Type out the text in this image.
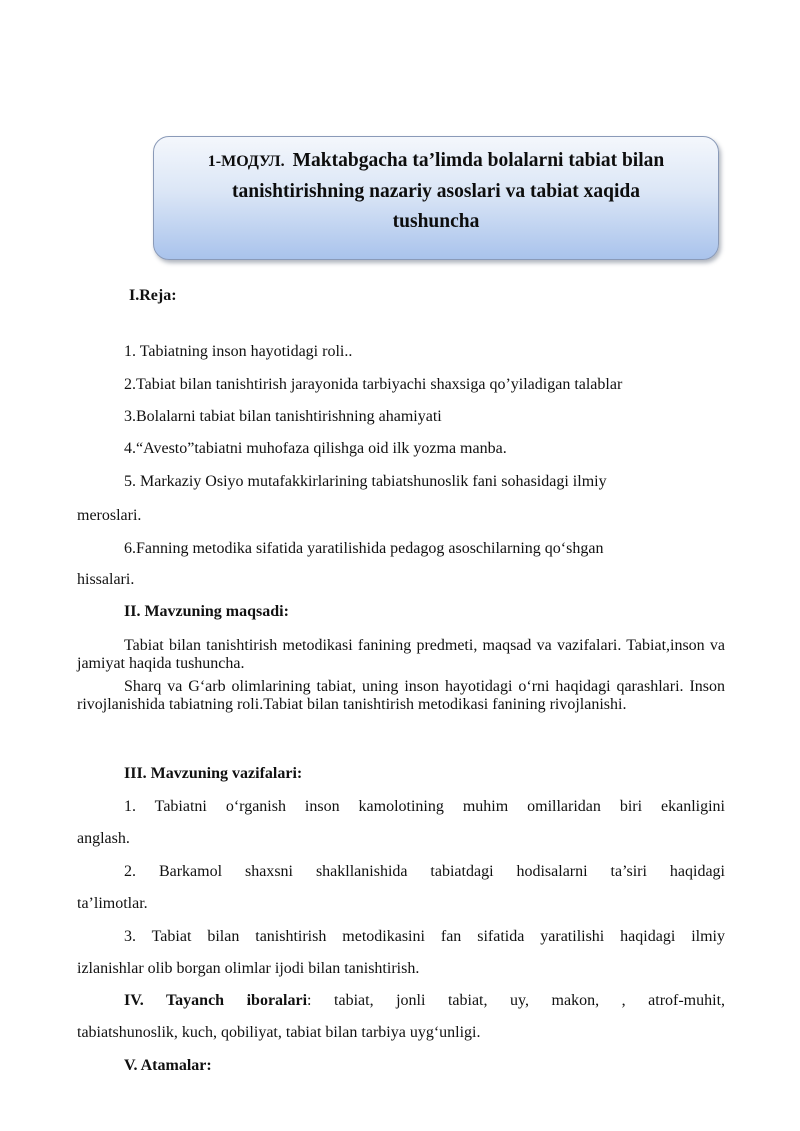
1-МОДУЛ. Maktabgacha ta’limda bolalarni tabiat bilan
tanishtirishning nazariy asoslari va tabiat xaqida
tushuncha
I.Reja:
1. Tabiatning inson hayotidagi roli..
2.Tabiat bilan tanishtirish jarayonida tarbiyachi shaxsiga qo’yiladigan talablar
3.Bolalarni tabiat bilan tanishtirishning ahamiyati
4.“Avesto”tabiatni muhofaza qilishga oid ilk yozma manba.
5. Markaziy Osiyo mutafakkirlarining tabiatshunoslik fani sohasidagi ilmiy
meroslari.
6.Fanning metodika sifatida yaratilishida pedagog asoschilarning qo‘shgan
hissalari.
II. Mavzuning maqsadi:
Tabiat bilan tanishtirish metodikasi fanining predmeti, maqsad va vazifalari. Tabiat,inson va jamiyat haqida tushuncha.
Sharq va G‘arb olimlarining tabiat, uning inson hayotidagi o‘rni haqidagi qarashlari. Inson rivojlanishida tabiatning roli.Tabiat bilan tanishtirish metodikasi fanining rivojlanishi.
III. Mavzuning vazifalari:
1. Tabiatni o‘rganish inson kamolotining muhim omillaridan biri ekanligini
anglash.
2. Barkamol shaxsni shakllanishida tabiatdagi hodisalarni ta’siri haqidagi
ta’limotlar.
3. Tabiat bilan tanishtirish metodikasini fan sifatida yaratilishi haqidagi ilmiy
izlanishlar olib borgan olimlar ijodi bilan tanishtirish.
IV. Tayanch iboralari: tabiat, jonli tabiat, uy, makon, , atrof-muhit,
tabiatshunoslik, kuch, qobiliyat, tabiat bilan tarbiya uyg‘unligi.
V. Atamalar:
